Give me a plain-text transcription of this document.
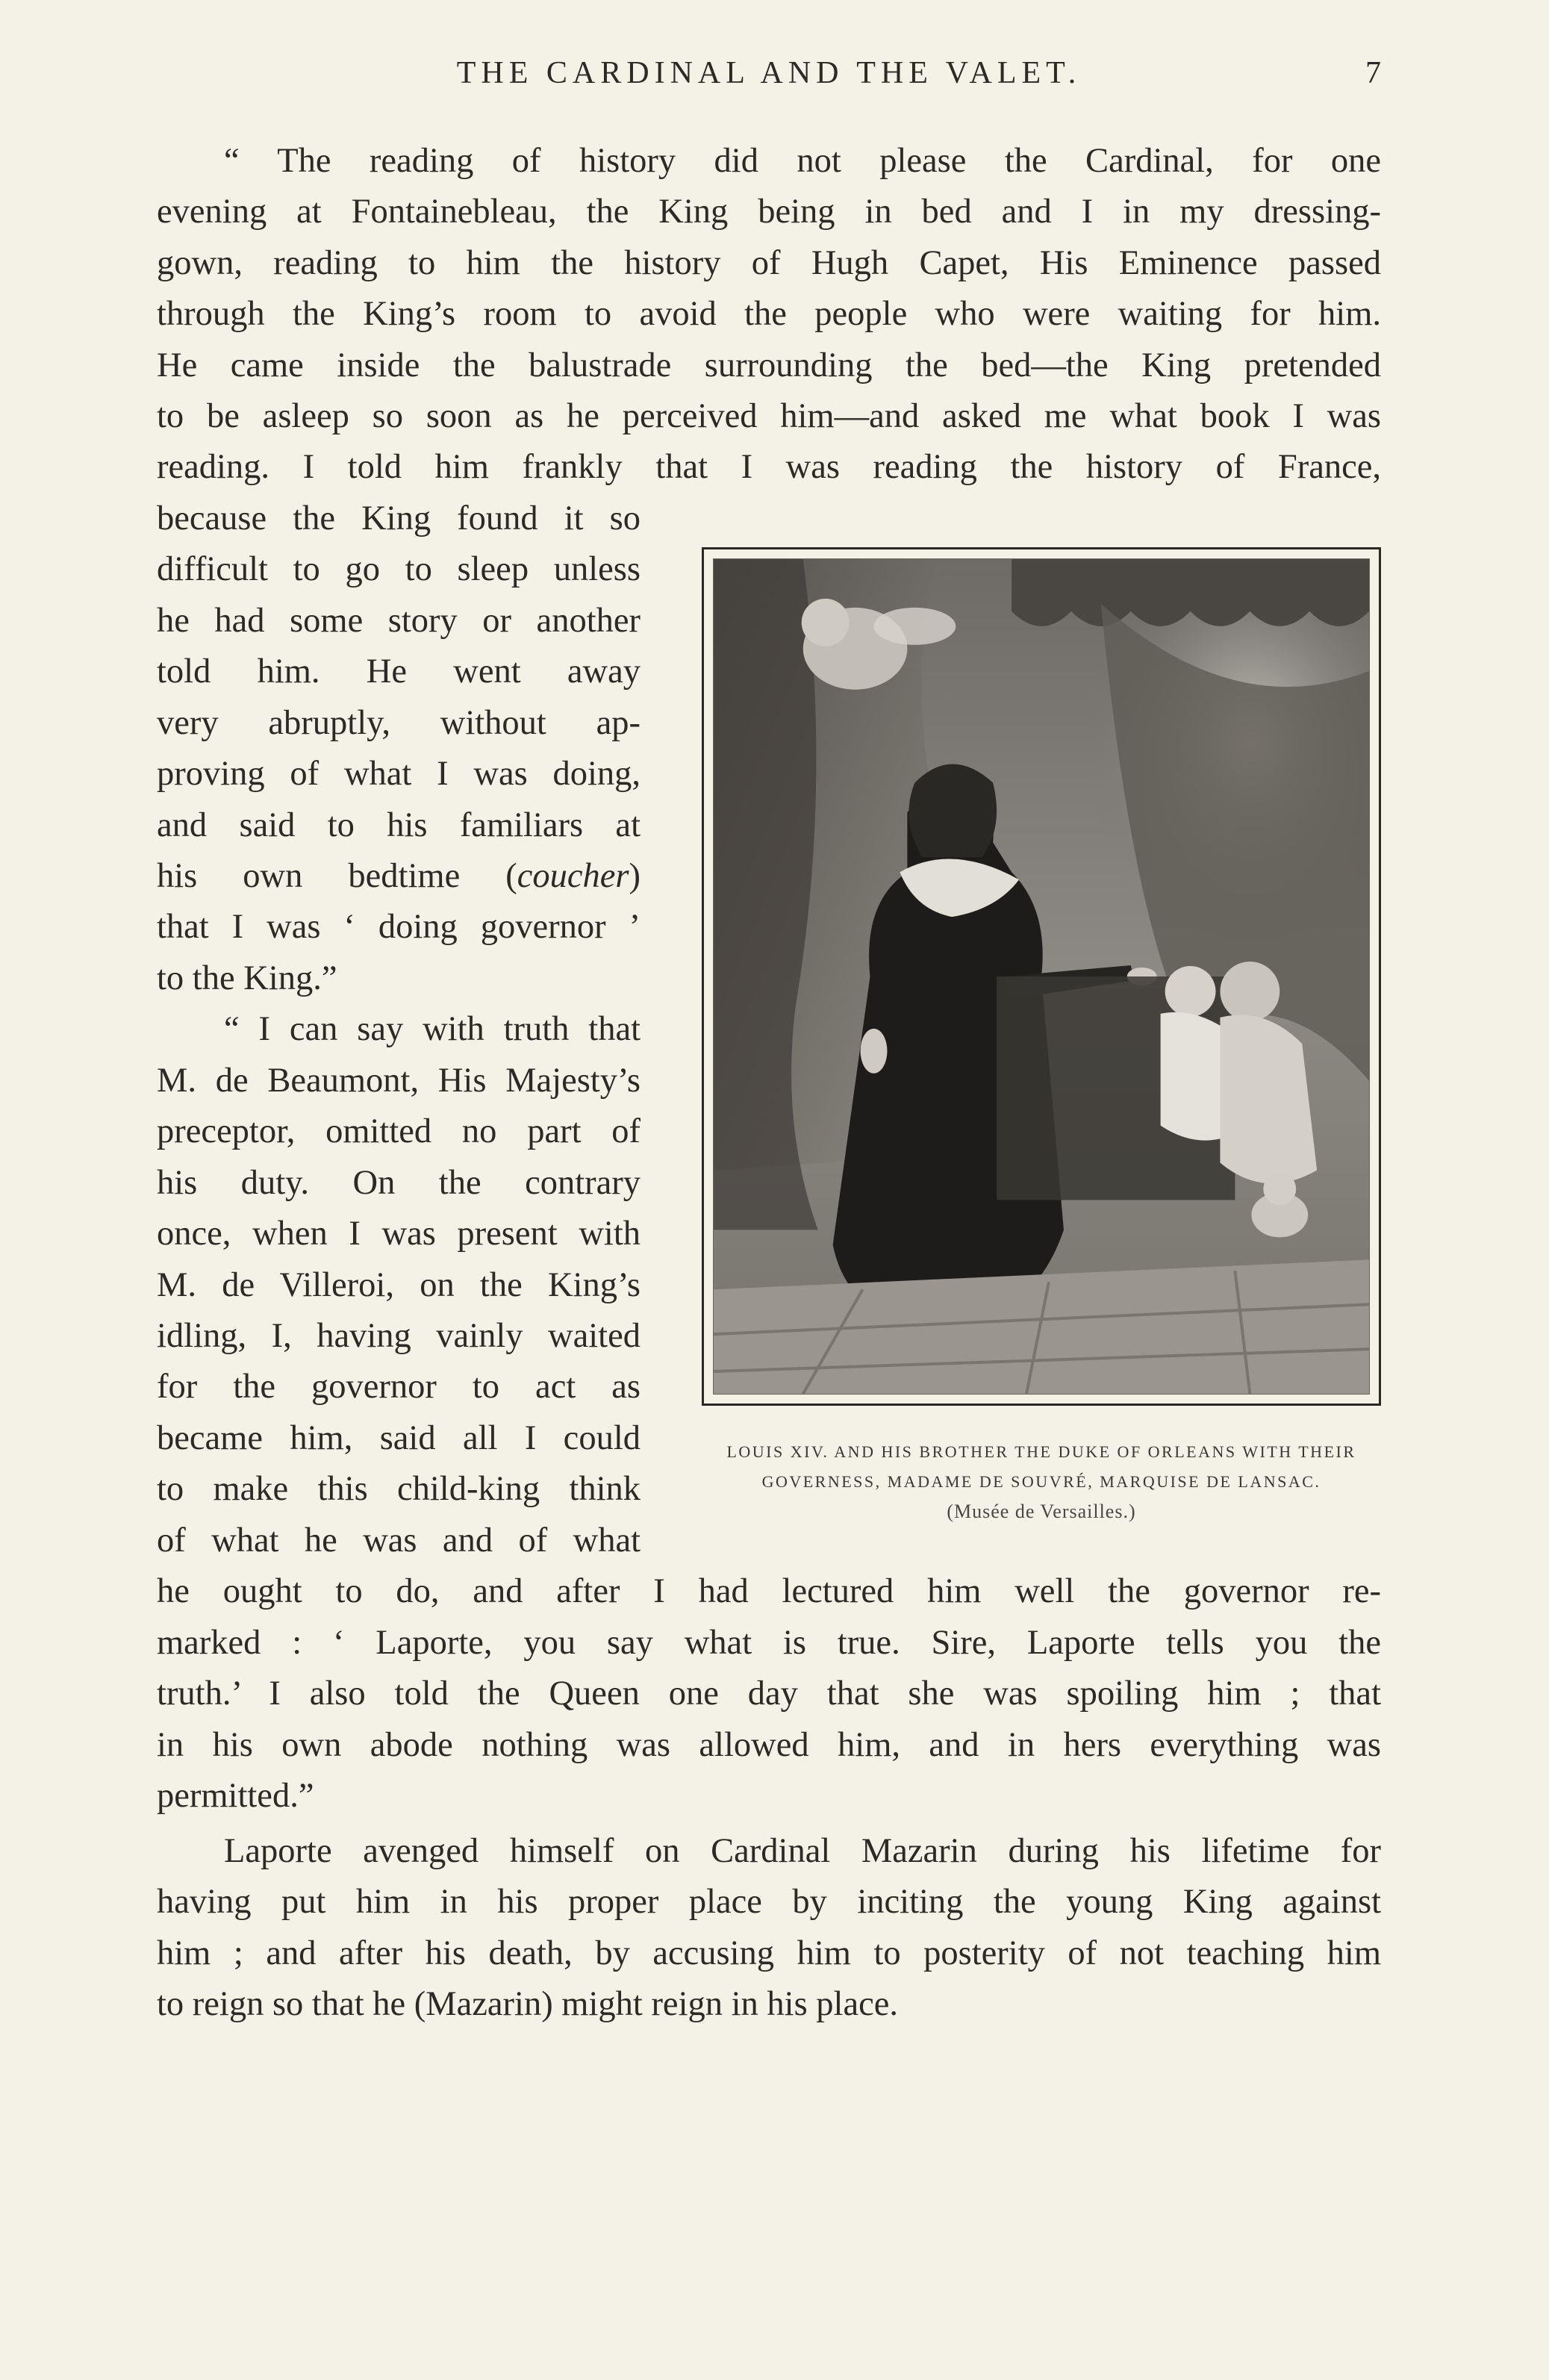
THE CARDINAL AND THE VALET.	7

“ The reading of history did not please the Cardinal, for one

evening at Fontainebleau, the King being in bed and I in my dressing-

gown, reading to him the history of Hugh Capet, His Eminence passed

through the King’s room to avoid the people who were waiting for him.

He came inside the balustrade surrounding the bed—the King pretended

to be asleep so soon as he perceived him—and asked me what book I was

reading. I told him frankly that I was reading the history of France,

because the King found it so

difficult to go to sleep unless

he had some story or another

told him. He went away

very abruptly, without ap-

proving of what I was doing,

and said to his familiars at

his own bedtime (coucher)

that I was ‘ doing governor ’

to the King.”

“ I can say with truth that

M. de Beaumont, His Majesty’s

preceptor, omitted no part of

his duty. On the contrary

once, when I was present with

M. de Villeroi, on the King’s

idling, I, having vainly waited

for the governor to act as

became him, said all I could

to make this child-king think

of what he was and of what

he ought to do, and after I had lectured him well the governor re-

marked : ‘ Laporte, you say what is true. Sire, Laporte tells you the

truth.’ I also told the Queen one day that she was spoiling him ; that

in his own abode nothing was allowed him, and in hers everything was

permitted.”

Laporte avenged himself on Cardinal Mazarin during his lifetime for

having put him in his proper place by inciting the young King against

him ; and after his death, by accusing him to posterity of not teaching him

to reign so that he (Mazarin) might reign in his place.

LOUIS XIV. AND HIS BROTHER THE DUKE OF ORLEANS WITH THEIR
GOVERNESS, MADAME DE SOUVRÉ, MARQUISE DE LANSAC.
(Musée de Versailles.)
